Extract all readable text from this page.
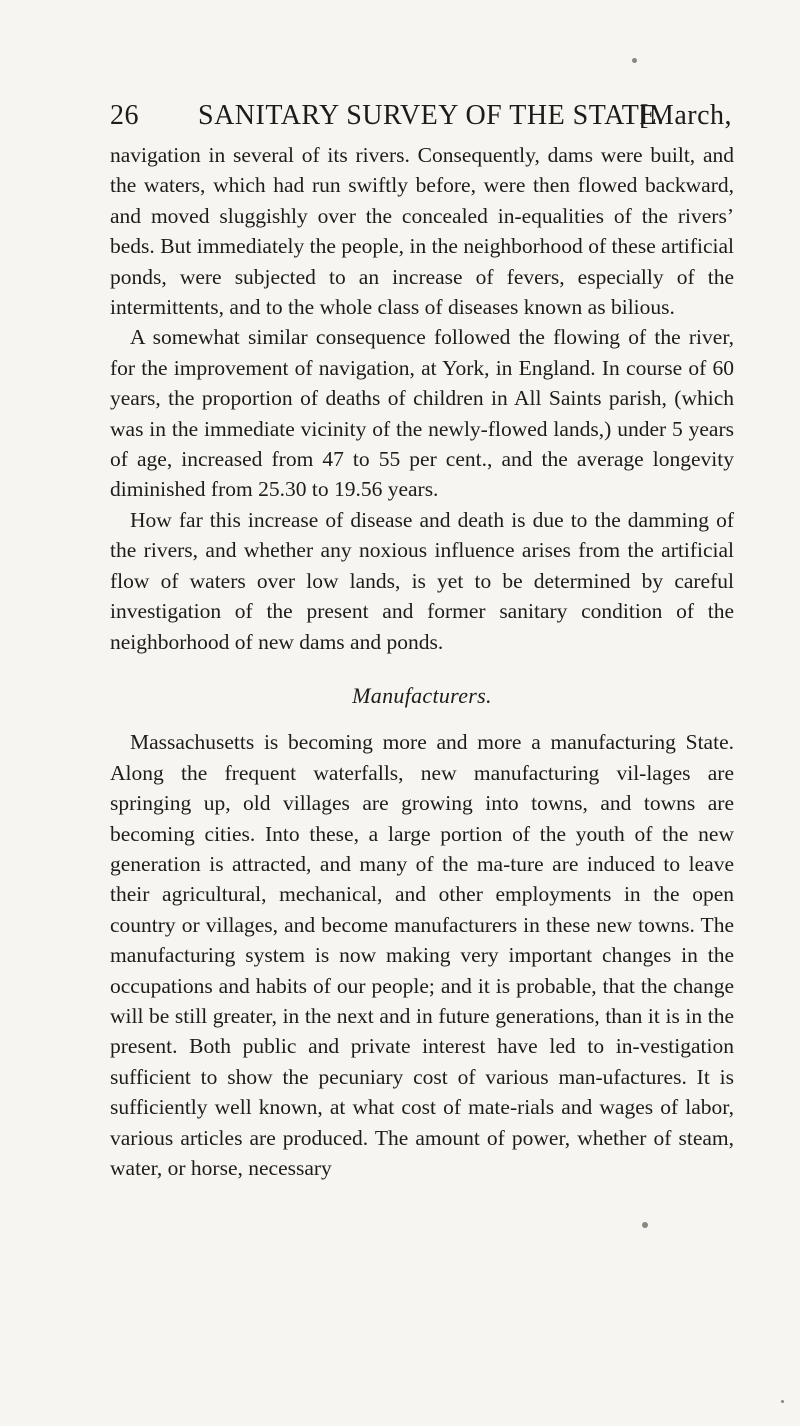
26 SANITARY SURVEY OF THE STATE.
[March,

navigation in several of its rivers. Consequently, dams were built, and the waters, which had run swiftly before, were then flowed backward, and moved sluggishly over the concealed in-equalities of the rivers’ beds. But immediately the people, in the neighborhood of these artificial ponds, were subjected to an increase of fevers, especially of the intermittents, and to the whole class of diseases known as bilious.

A somewhat similar consequence followed the flowing of the river, for the improvement of navigation, at York, in England. In course of 60 years, the proportion of deaths of children in All Saints parish, (which was in the immediate vicinity of the newly-flowed lands,) under 5 years of age, increased from 47 to 55 per cent., and the average longevity diminished from 25.30 to 19.56 years.

How far this increase of disease and death is due to the damming of the rivers, and whether any noxious influence arises from the artificial flow of waters over low lands, is yet to be determined by careful investigation of the present and former sanitary condition of the neighborhood of new dams and ponds.

Manufacturers.

Massachusetts is becoming more and more a manufacturing State. Along the frequent waterfalls, new manufacturing vil-lages are springing up, old villages are growing into towns, and towns are becoming cities. Into these, a large portion of the youth of the new generation is attracted, and many of the ma-ture are induced to leave their agricultural, mechanical, and other employments in the open country or villages, and become manufacturers in these new towns. The manufacturing system is now making very important changes in the occupations and habits of our people; and it is probable, that the change will be still greater, in the next and in future generations, than it is in the present. Both public and private interest have led to in-vestigation sufficient to show the pecuniary cost of various man-ufactures. It is sufficiently well known, at what cost of mate-rials and wages of labor, various articles are produced. The amount of power, whether of steam, water, or horse, necessary
